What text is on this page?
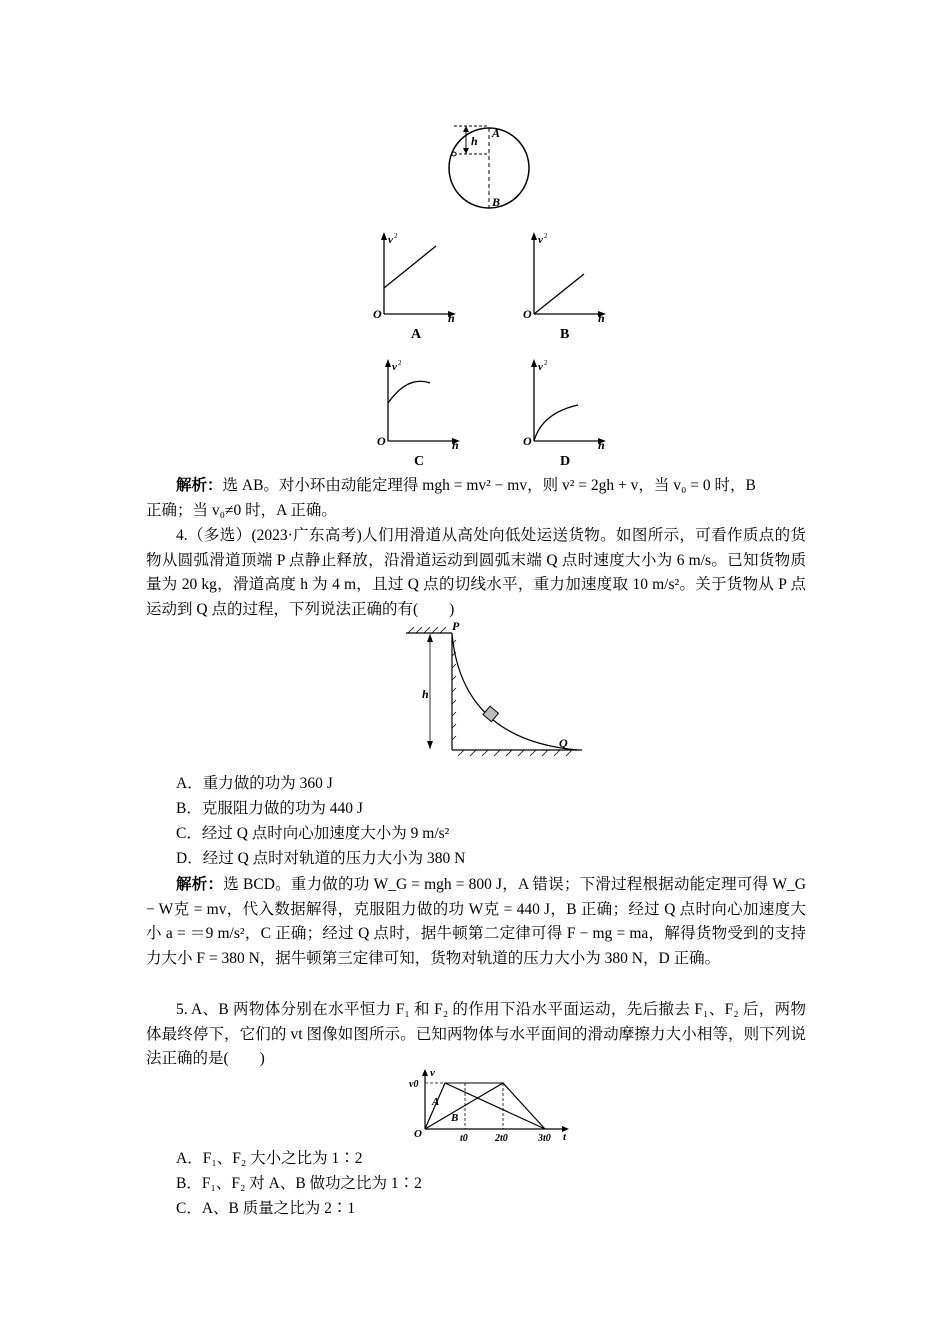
h
A
B
v 2
O	h
A
v 2
O	h
B
v 2
O	h
C
v 2
O	h
D
解析：选 AB。对小环由动能定理得 mgh = mv² − mv，则 v² = 2gh + v，当 v₀ = 0 时，B
正确；当 v₀≠0 时，A 正确。

4.（多选）(2023·广东高考)人们用滑道从高处向低处运送货物。如图所示，可看作质点的货物从圆弧滑道顶端 P 点静止释放，沿滑道运动到圆弧末端 Q 点时速度大小为 6 m/s。已知货物质量为 20 kg，滑道高度 h 为 4 m，且过 Q 点的切线水平，重力加速度取 10 m/s²。关于货物从 P 点运动到 Q 点的过程，下列说法正确的有(　　)

P
h
Q
A．重力做的功为 360 J
B．克服阻力做的功为 440 J
C．经过 Q 点时向心加速度大小为 9 m/s²
D．经过 Q 点时对轨道的压力大小为 380 N

解析：选 BCD。重力做的功 W_G = mgh = 800 J，A 错误；下滑过程根据动能定理可得 W_G − W克 = mv，代入数据解得，克服阻力做的功 W克 = 440 J，B 正确；经过 Q 点时向心加速度大小 a = ＝9 m/s²，C 正确；经过 Q 点时，据牛顿第二定律可得 F − mg = ma，解得货物受到的支持力大小 F = 380 N，据牛顿第三定律可知，货物对轨道的压力大小为 380 N，D 正确。

5. A、B 两物体分别在水平恒力 F₁ 和 F₂ 的作用下沿水平面运动，先后撤去 F₁、F₂ 后，两物体最终停下，它们的 vt 图像如图所示。已知两物体与水平面间的滑动摩擦力大小相等，则下列说法正确的是(　　)

v
v0
A
B
O	t0	2t0	3t0 t
A．F₁、F₂ 大小之比为 1∶2
B．F₁、F₂ 对 A、B 做功之比为 1∶2
C．A、B 质量之比为 2∶1
